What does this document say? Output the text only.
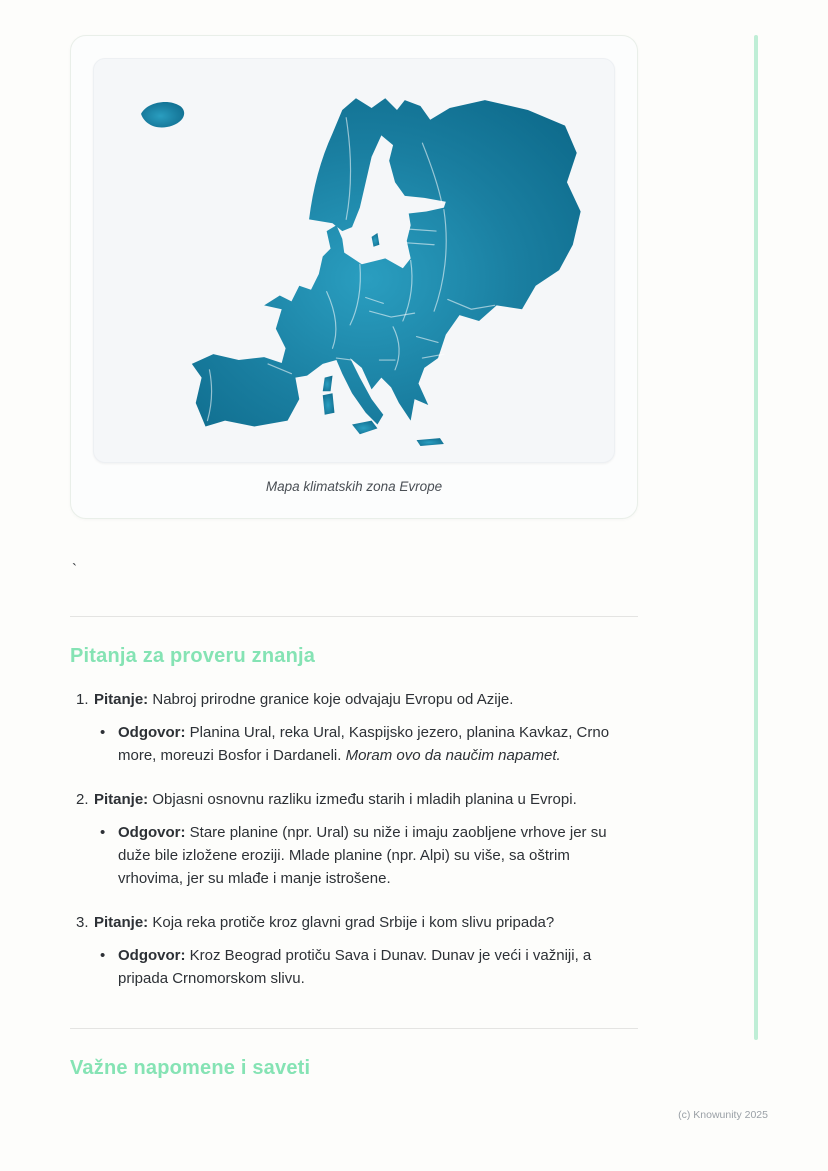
Mapa klimatskih zona Evrope
`
Pitanja za proveru znanja
1. Pitanje: Nabroj prirodne granice koje odvajaju Evropu od Azije.

• Odgovor: Planina Ural, reka Ural, Kaspijsko jezero, planina Kavkaz, Crno more, moreuzi Bosfor i Dardaneli. Moram ovo da naučim napamet.

2. Pitanje: Objasni osnovnu razliku između starih i mladih planina u Evropi.

• Odgovor: Stare planine (npr. Ural) su niže i imaju zaobljene vrhove jer su duže bile izložene eroziji. Mlade planine (npr. Alpi) su više, sa oštrim vrhovima, jer su mlađe i manje istrošene.

3. Pitanje: Koja reka protiče kroz glavni grad Srbije i kom slivu pripada?

• Odgovor: Kroz Beograd protiču Sava i Dunav. Dunav je veći i važniji, a pripada Crnomorskom slivu.

Važne napomene i saveti
(c) Knowunity 2025
